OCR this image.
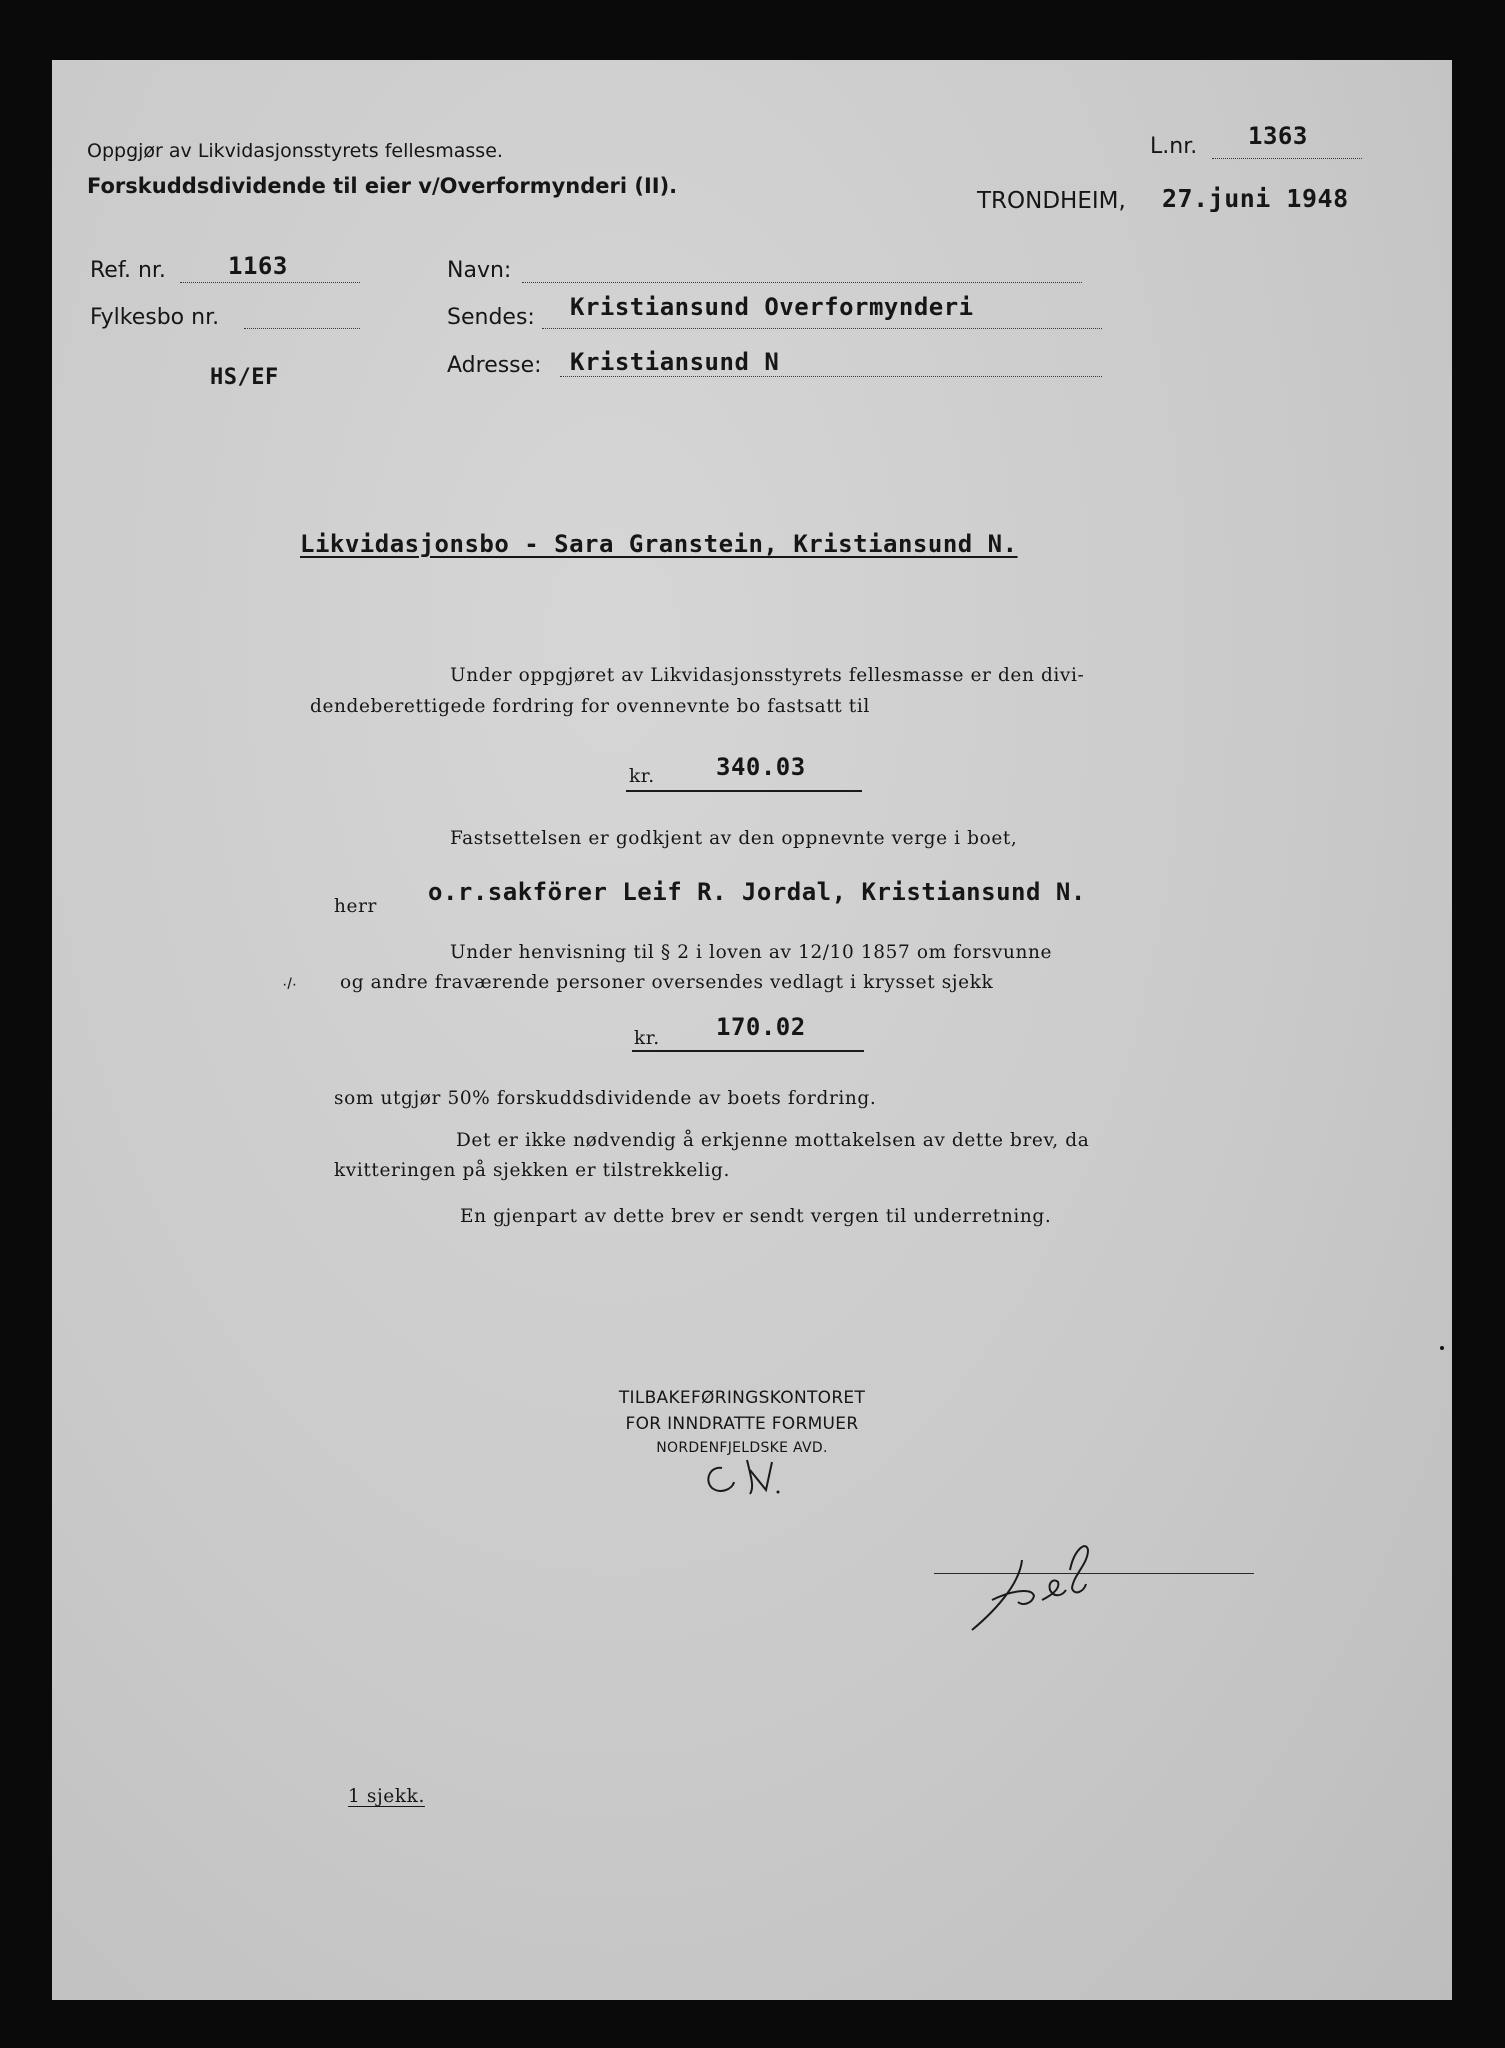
Oppgjør av Likvidasjonsstyrets fellesmasse.
Forskuddsdividende til eier v/Overformynderi (II).
L.nr. 1363
TRONDHEIM, 27.juni 1948
Ref. nr.	1163
Fylkesbo nr.
HS/EF
Navn:
Sendes: Kristiansund Overformynderi
Adresse: Kristiansund N
Likvidasjonsbo - Sara Granstein, Kristiansund N.
Under oppgjøret av Likvidasjonsstyrets fellesmasse er den divi-
dendeberettigede fordring for ovennevnte bo fastsatt til
kr.	340.03
Fastsettelsen er godkjent av den oppnevnte verge i boet,
herr
o.r.sakförer Leif R. Jordal, Kristiansund N.
Under henvisning til § 2 i loven av 12/10 1857 om forsvunne
og andre fraværende personer oversendes vedlagt i krysset sjekk
·/·
kr. 170.02
som utgjør 50% forskuddsdividende av boets fordring.
Det er ikke nødvendig å erkjenne mottakelsen av dette brev, da
kvitteringen på sjekken er tilstrekkelig.
En gjenpart av dette brev er sendt vergen til underretning.
TILBAKEFØRINGSKONTORET
FOR INNDRATTE FORMUER
NORDENFJELDSKE AVD.
1 sjekk.
